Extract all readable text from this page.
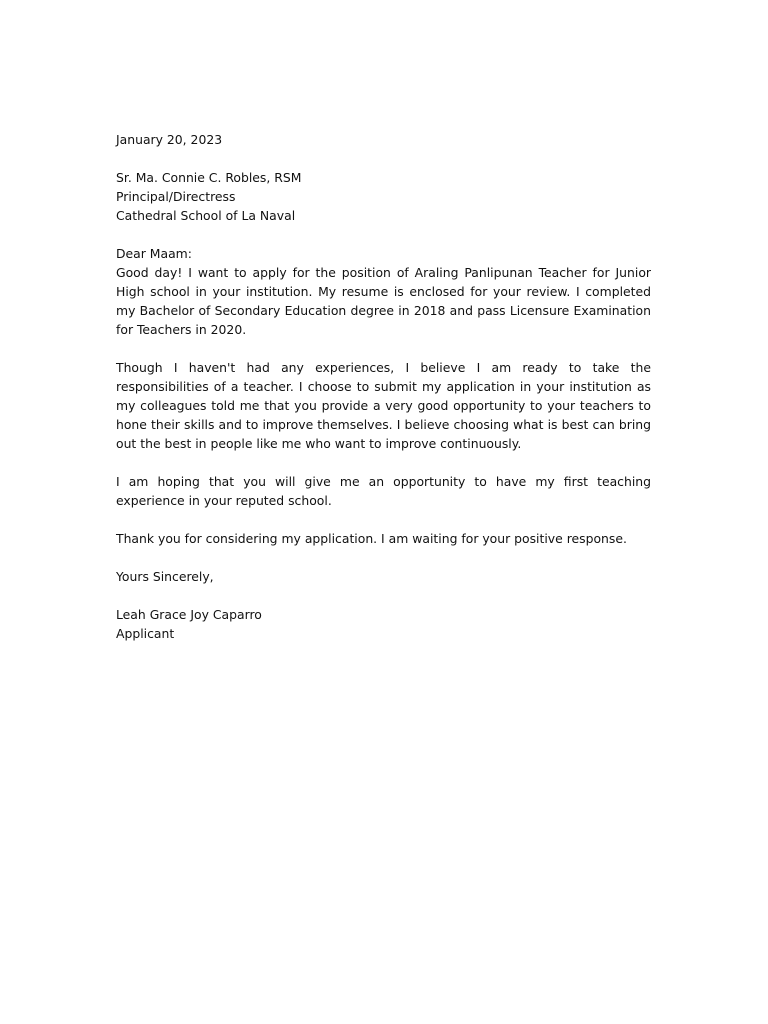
January 20, 2023
Sr. Ma. Connie C. Robles, RSM
Principal/Directress
Cathedral School of La Naval
Dear Maam:

Good day! I want to apply for the position of Araling Panlipunan Teacher for Junior High school in your institution. My resume is enclosed for your review. I completed my Bachelor of Secondary Education degree in 2018 and pass Licensure Examination for Teachers in 2020.

Though I haven't had any experiences, I believe I am ready to take the responsibilities of a teacher. I choose to submit my application in your institution as my colleagues told me that you provide a very good opportunity to your teachers to hone their skills and to improve themselves. I believe choosing what is best can bring out the best in people like me who want to improve continuously.

I am hoping that you will give me an opportunity to have my first teaching experience in your reputed school.

Thank you for considering my application. I am waiting for your positive response.

Yours Sincerely,
Leah Grace Joy Caparro
Applicant
